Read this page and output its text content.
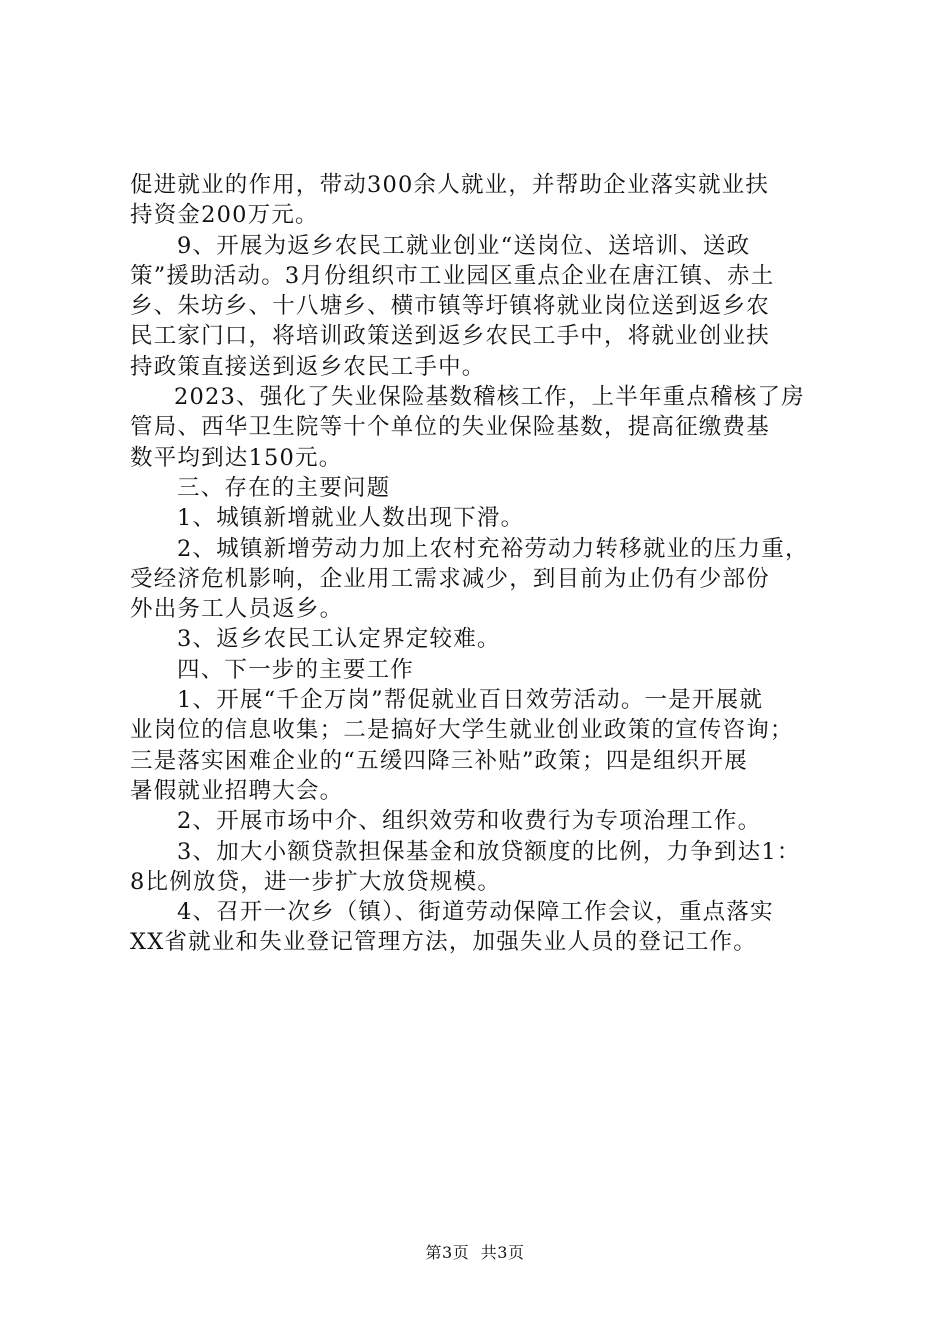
促进就业的作用，带动300余人就业，并帮助企业落实就业扶
持资金200万元。
9、开展为返乡农民工就业创业“送岗位、送培训、送政
策”援助活动。3月份组织市工业园区重点企业在唐江镇、赤土
乡、朱坊乡、十八塘乡、横市镇等圩镇将就业岗位送到返乡农
民工家门口，将培训政策送到返乡农民工手中，将就业创业扶
持政策直接送到返乡农民工手中。
2023、强化了失业保险基数稽核工作，上半年重点稽核了房
管局、西华卫生院等十个单位的失业保险基数，提高征缴费基
数平均到达150元。
三、存在的主要问题
1、城镇新增就业人数出现下滑。
2、城镇新增劳动力加上农村充裕劳动力转移就业的压力重，
受经济危机影响，企业用工需求减少，到目前为止仍有少部份
外出务工人员返乡。
3、返乡农民工认定界定较难。
四、下一步的主要工作
1、开展“千企万岗”帮促就业百日效劳活动。一是开展就
业岗位的信息收集；二是搞好大学生就业创业政策的宣传咨询；
三是落实困难企业的“五缓四降三补贴”政策；四是组织开展
暑假就业招聘大会。
2、开展市场中介、组织效劳和收费行为专项治理工作。
3、加大小额贷款担保基金和放贷额度的比例，力争到达1：
8比例放贷，进一步扩大放贷规模。
4、召开一次乡（镇）、街道劳动保障工作会议，重点落实
XX省就业和失业登记管理方法，加强失业人员的登记工作。
第3页 共3页
